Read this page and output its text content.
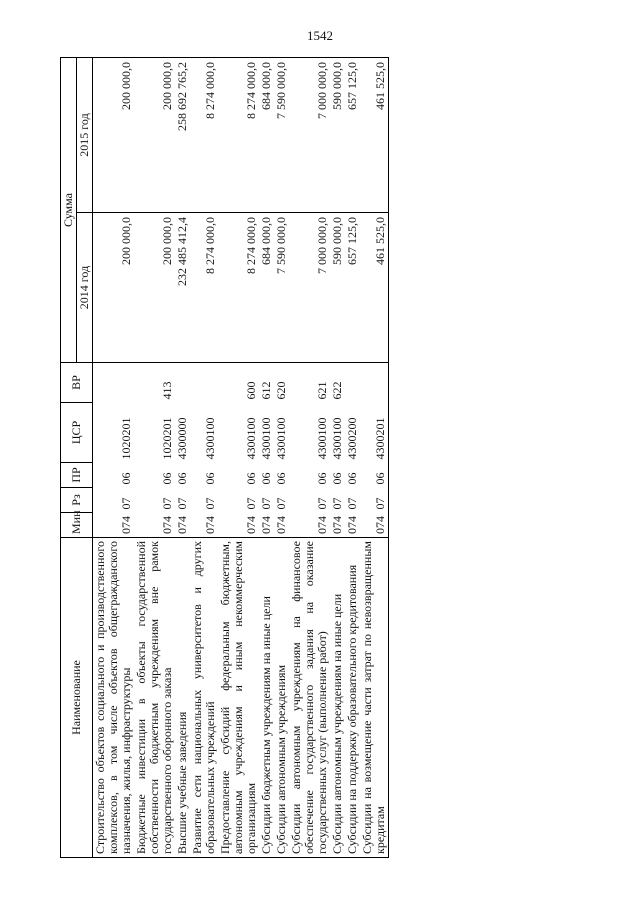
1542
Наименование	Мин	Рз	ПР	ЦСР	ВР	Сумма	
						2014 год	2015 год
Строительство объектов социального и производственного комплексов, в том числе объектов общегражданского назначения, жилья, инфраструктуры	074	07	06	1020201		200 000,0	200 000,0
Бюджетные инвестиции в объекты государственной собственности бюджетным учреждениям вне рамок государственного оборонного заказа	074	07	06	1020201	413	200 000,0	200 000,0
Высшие учебные заведения	074	07	06	4300000		232 485 412,4	258 692 765,2
Развитие сети национальных университетов и других образовательных учреждений	074	07	06	4300100		8 274 000,0	8 274 000,0
Предоставление субсидий федеральным бюджетным, автономным учреждениям и иным некоммерческим организациям	074	07	06	4300100	600	8 274 000,0	8 274 000,0
Субсидии бюджетным учреждениям на иные цели	074	07	06	4300100	612	684 000,0	684 000,0
Субсидии автономным учреждениям	074	07	06	4300100	620	7 590 000,0	7 590 000,0
Субсидии автономным учреждениям на финансовое обеспечение государственного задания на оказание государственных услуг (выполнение работ)	074	07	06	4300100	621	7 000 000,0	7 000 000,0
Субсидии автономным учреждениям на иные цели	074	07	06	4300100	622	590 000,0	590 000,0
Субсидии на поддержку образовательного кредитования	074	07	06	4300200		657 125,0	657 125,0
Субсидии на возмещение части затрат по невозвращенным кредитам	074	07	06	4300201		461 525,0	461 525,0
